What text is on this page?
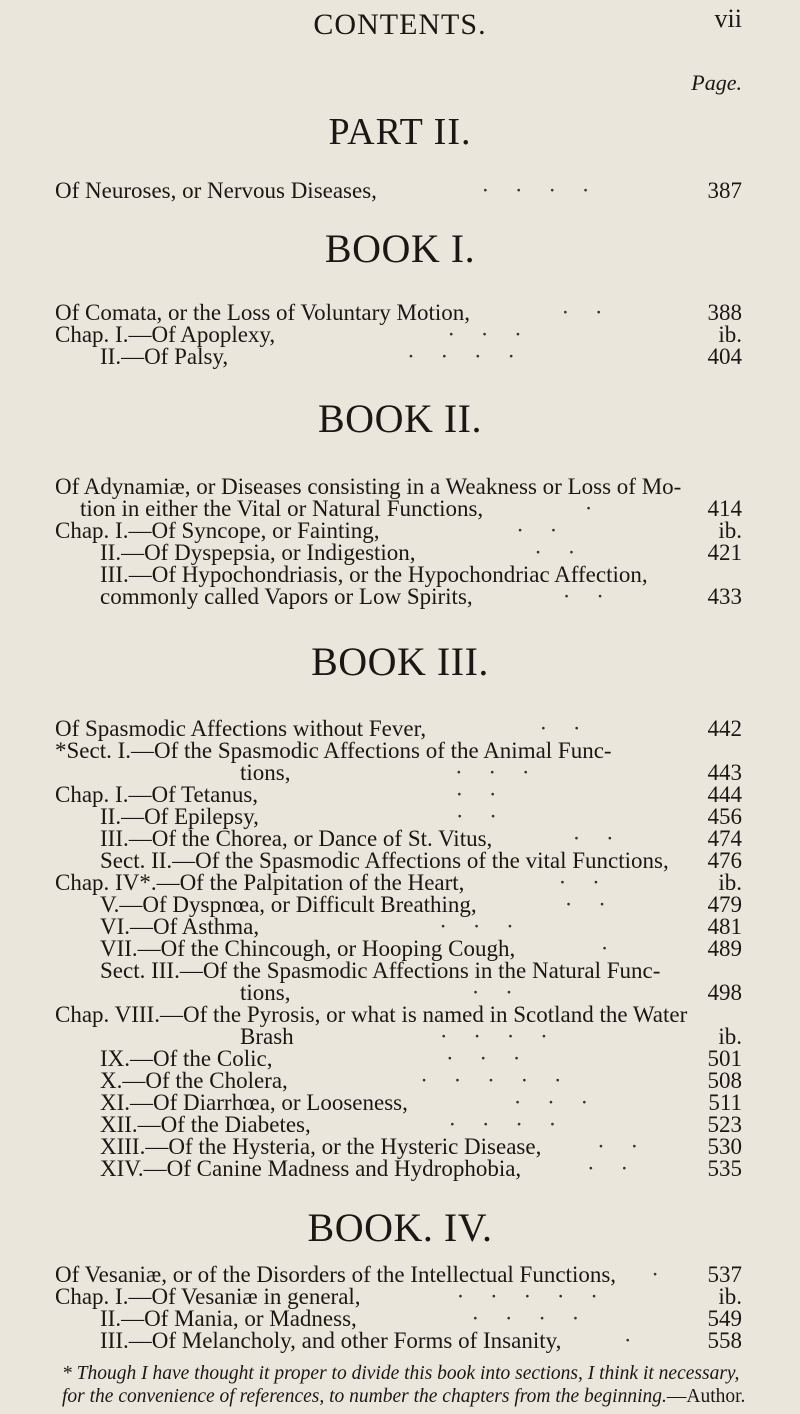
CONTENTS.	vii
Page.
PART II.
Of Neuroses, or Nervous Diseases,	· · · ·	387
BOOK I.
Of Comata, or the Loss of Voluntary Motion,	· ·	388
Chap. I.—Of Apoplexy,	· · ·	ib.
II.—Of Palsy,	· · · ·	404
BOOK II.
Of Adynamiæ, or Diseases consisting in a Weakness or Loss of Mo-
tion in either the Vital or Natural Functions,	·	414
Chap. I.—Of Syncope, or Fainting,	· ·	ib.
II.—Of Dyspepsia, or Indigestion,	· ·	421
III.—Of Hypochondriasis, or the Hypochondriac Affection,
commonly called Vapors or Low Spirits,	· ·	433
BOOK III.
Of Spasmodic Affections without Fever,	· ·	442
*Sect. I.—Of the Spasmodic Affections of the Animal Func-
tions,	· · ·	443
Chap. I.—Of Tetanus,	· ·	444
II.—Of Epilepsy,	· ·	456
III.—Of the Chorea, or Dance of St. Vitus,	· ·	474
Sect. II.—Of the Spasmodic Affections of the vital Functions, 476
Chap. IV*.—Of the Palpitation of the Heart,	· ·	ib.
V.—Of Dyspnœa, or Difficult Breathing,	· ·	479
VI.—Of Asthma,	· · ·	481
VII.—Of the Chincough, or Hooping Cough,	·	489
Sect. III.—Of the Spasmodic Affections in the Natural Func-
tions,	· ·	498
Chap. VIII.—Of the Pyrosis, or what is named in Scotland the Water
Brash	· · · ·	ib.
IX.—Of the Colic,	· · ·	501
X.—Of the Cholera,	· · · · ·	508
XI.—Of Diarrhœa, or Looseness,	· · ·	511
XII.—Of the Diabetes,	· · · ·	523
XIII.—Of the Hysteria, or the Hysteric Disease,	· ·	530
XIV.—Of Canine Madness and Hydrophobia,	· ·	535
BOOK. IV.
Of Vesaniæ, or of the Disorders of the Intellectual Functions,	·	537
Chap. I.—Of Vesaniæ in general,	· · · · ·	ib.
II.—Of Mania, or Madness,	· · · ·	549
III.—Of Melancholy, and other Forms of Insanity,	·	558
* Though I have thought it proper to divide this book into sections, I think it necessary, for the convenience of references, to number the chapters from the beginning.—Author.
